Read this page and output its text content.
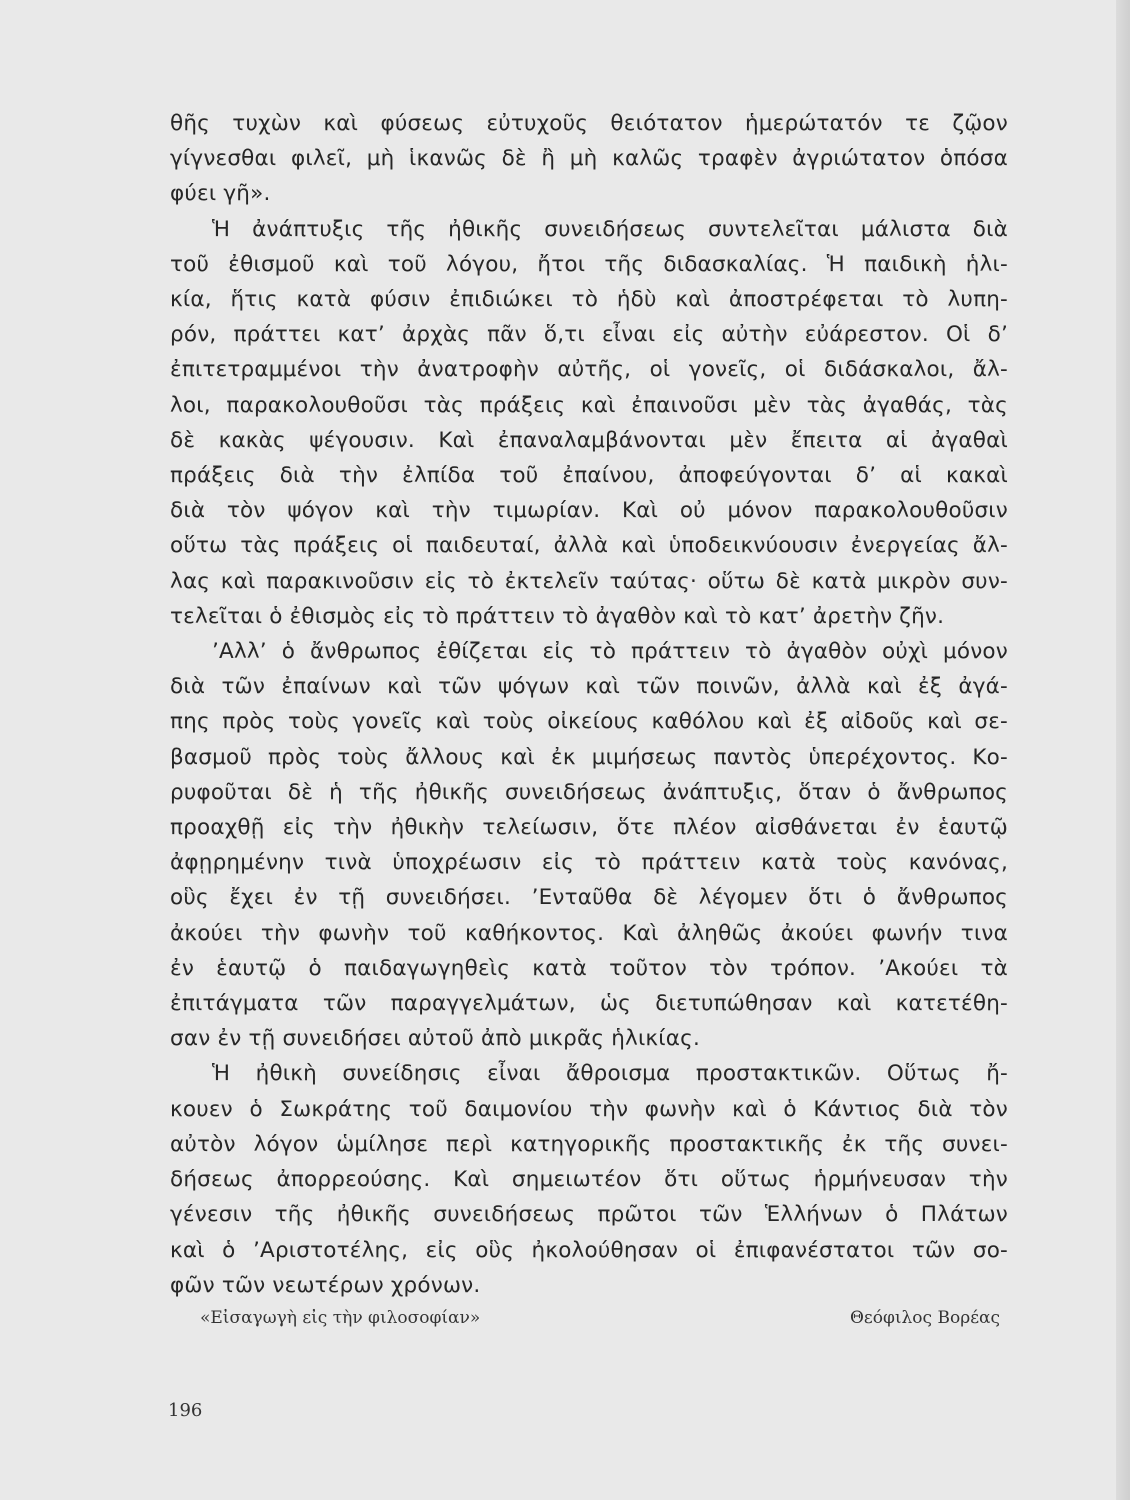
θῆς τυχὼν καὶ φύσεως εὐτυχοῦς θειότατον ἡμερώτατόν τε ζῷον
γίγνεσθαι φιλεῖ, μὴ ἱκανῶς δὲ ἢ μὴ καλῶς τραφὲν ἀγριώτατον ὁπόσα
φύει γῆ».
Ἡ ἀνάπτυξις τῆς ἠθικῆς συνειδήσεως συντελεῖται μάλιστα διὰ
τοῦ ἐθισμοῦ καὶ τοῦ λόγου, ἤτοι τῆς διδασκαλίας. Ἡ παιδικὴ ἡλι-
κία, ἥτις κατὰ φύσιν ἐπιδιώκει τὸ ἡδὺ καὶ ἀποστρέφεται τὸ λυπη-
ρόν, πράττει κατ’ ἀρχὰς πᾶν ὅ,τι εἶναι εἰς αὐτὴν εὐάρεστον. Οἱ δ’
ἐπιτετραμμένοι τὴν ἀνατροφὴν αὐτῆς, οἱ γονεῖς, οἱ διδάσκαλοι, ἄλ-
λοι, παρακολουθοῦσι τὰς πράξεις καὶ ἐπαινοῦσι μὲν τὰς ἀγαθάς, τὰς
δὲ κακὰς ψέγουσιν. Καὶ ἐπαναλαμβάνονται μὲν ἔπειτα αἱ ἀγαθαὶ
πράξεις διὰ τὴν ἐλπίδα τοῦ ἐπαίνου, ἀποφεύγονται δ’ αἱ κακαὶ
διὰ τὸν ψόγον καὶ τὴν τιμωρίαν. Καὶ οὐ μόνον παρακολουθοῦσιν
οὕτω τὰς πράξεις οἱ παιδευταί, ἀλλὰ καὶ ὑποδεικνύουσιν ἐνεργείας ἄλ-
λας καὶ παρακινοῦσιν εἰς τὸ ἐκτελεῖν ταύτας· οὕτω δὲ κατὰ μικρὸν συν-
τελεῖται ὁ ἐθισμὸς εἰς τὸ πράττειν τὸ ἀγαθὸν καὶ τὸ κατ’ ἀρετὴν ζῆν.
’Αλλ’ ὁ ἄνθρωπος ἐθίζεται εἰς τὸ πράττειν τὸ ἀγαθὸν οὐχὶ μόνον
διὰ τῶν ἐπαίνων καὶ τῶν ψόγων καὶ τῶν ποινῶν, ἀλλὰ καὶ ἐξ ἀγά-
πης πρὸς τοὺς γονεῖς καὶ τοὺς οἰκείους καθόλου καὶ ἐξ αἰδοῦς καὶ σε-
βασμοῦ πρὸς τοὺς ἄλλους καὶ ἐκ μιμήσεως παντὸς ὑπερέχοντος. Κο-
ρυφοῦται δὲ ἡ τῆς ἠθικῆς συνειδήσεως ἀνάπτυξις, ὅταν ὁ ἄνθρωπος
προαχθῇ εἰς τὴν ἠθικὴν τελείωσιν, ὅτε πλέον αἰσθάνεται ἐν ἑαυτῷ
ἀφῃρημένην τινὰ ὑποχρέωσιν εἰς τὸ πράττειν κατὰ τοὺς κανόνας,
οὓς ἔχει ἐν τῇ συνειδήσει. ’Ενταῦθα δὲ λέγομεν ὅτι ὁ ἄνθρωπος
ἀκούει τὴν φωνὴν τοῦ καθήκοντος. Καὶ ἀληθῶς ἀκούει φωνήν τινα
ἐν ἑαυτῷ ὁ παιδαγωγηθεὶς κατὰ τοῦτον τὸν τρόπον. ’Ακούει τὰ
ἐπιτάγματα τῶν παραγγελμάτων, ὡς διετυπώθησαν καὶ κατετέθη-
σαν ἐν τῇ συνειδήσει αὐτοῦ ἀπὸ μικρᾶς ἡλικίας.
Ἡ ἠθικὴ συνείδησις εἶναι ἄθροισμα προστακτικῶν. Οὕτως ἤ-
κουεν ὁ Σωκράτης τοῦ δαιμονίου τὴν φωνὴν καὶ ὁ Κάντιος διὰ τὸν
αὐτὸν λόγον ὡμίλησε περὶ κατηγορικῆς προστακτικῆς ἐκ τῆς συνει-
δήσεως ἀπορρεούσης. Καὶ σημειωτέον ὅτι οὕτως ἡρμήνευσαν τὴν
γένεσιν τῆς ἠθικῆς συνειδήσεως πρῶτοι τῶν Ἑλλήνων ὁ Πλάτων
καὶ ὁ ’Αριστοτέλης, εἰς οὓς ἠκολούθησαν οἱ ἐπιφανέστατοι τῶν σο-
φῶν τῶν νεωτέρων χρόνων.
«Εἰσαγωγὴ εἰς τὴν φιλοσοφίαν»	Θεόφιλος Βορέας
196
